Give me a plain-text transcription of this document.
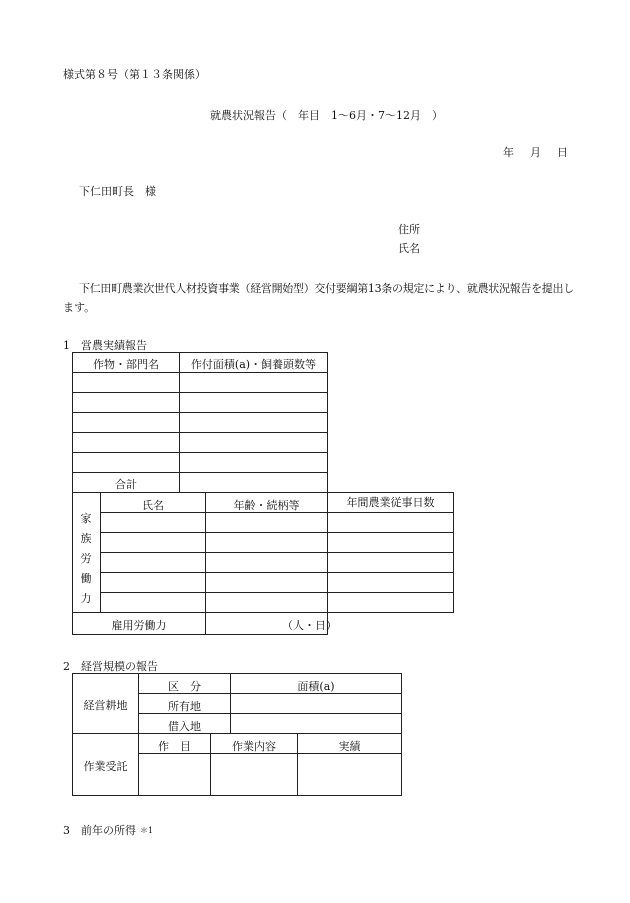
様式第８号（第１３条関係）
就農状況報告（　年目　1〜6月・7〜12月　）
年 月 日
下仁田町長　様
住所
氏名
下仁田町農業次世代人材投資事業（経営開始型）交付要綱第13条の規定により、就農状況報告を提出し
ます。
1　営農実績報告
作物・部門名	作付面積(a)・飼養頭数等
合計
家
族
労
働
力
氏名	年齢・続柄等	年間農業従事日数
雇用労働力	（人・日）
2　経営規模の報告
経営耕地
区　分	面積(a)
所有地
借入地
作業受託
作　目	作業内容	実績
3　前年の所得 ＊1
